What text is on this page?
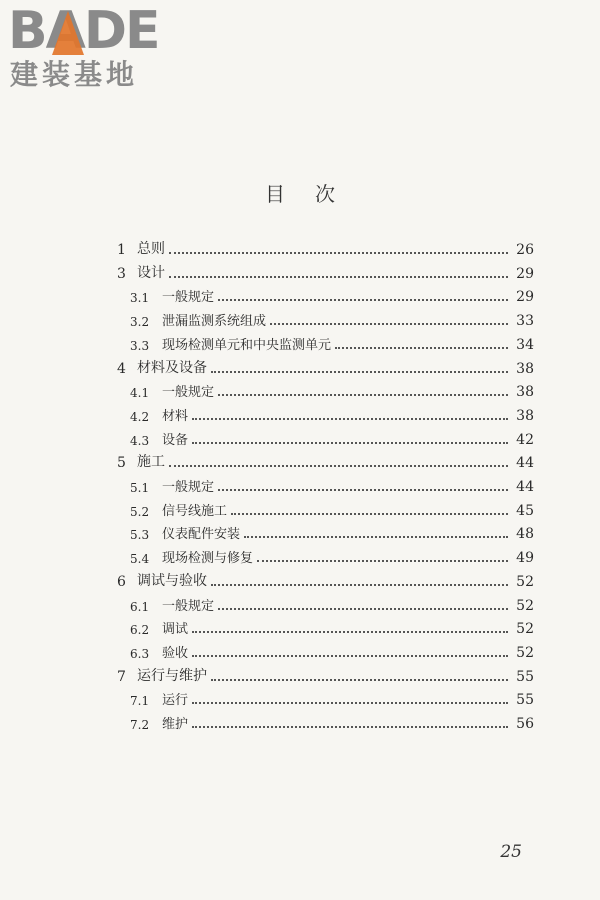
BADE
建装基地
目次
1 总则	26
3 设计	29
3.1 一般规定	29
3.2 泄漏监测系统组成	33
3.3 现场检测单元和中央监测单元	34
4 材料及设备	38
4.1 一般规定	38
4.2 材料	38
4.3 设备	42
5 施工	44
5.1 一般规定	44
5.2 信号线施工	45
5.3 仪表配件安装	48
5.4 现场检测与修复	49
6 调试与验收	52
6.1 一般规定	52
6.2 调试	52
6.3 验收	52
7 运行与维护	55
7.1 运行	55
7.2 维护	56
25
